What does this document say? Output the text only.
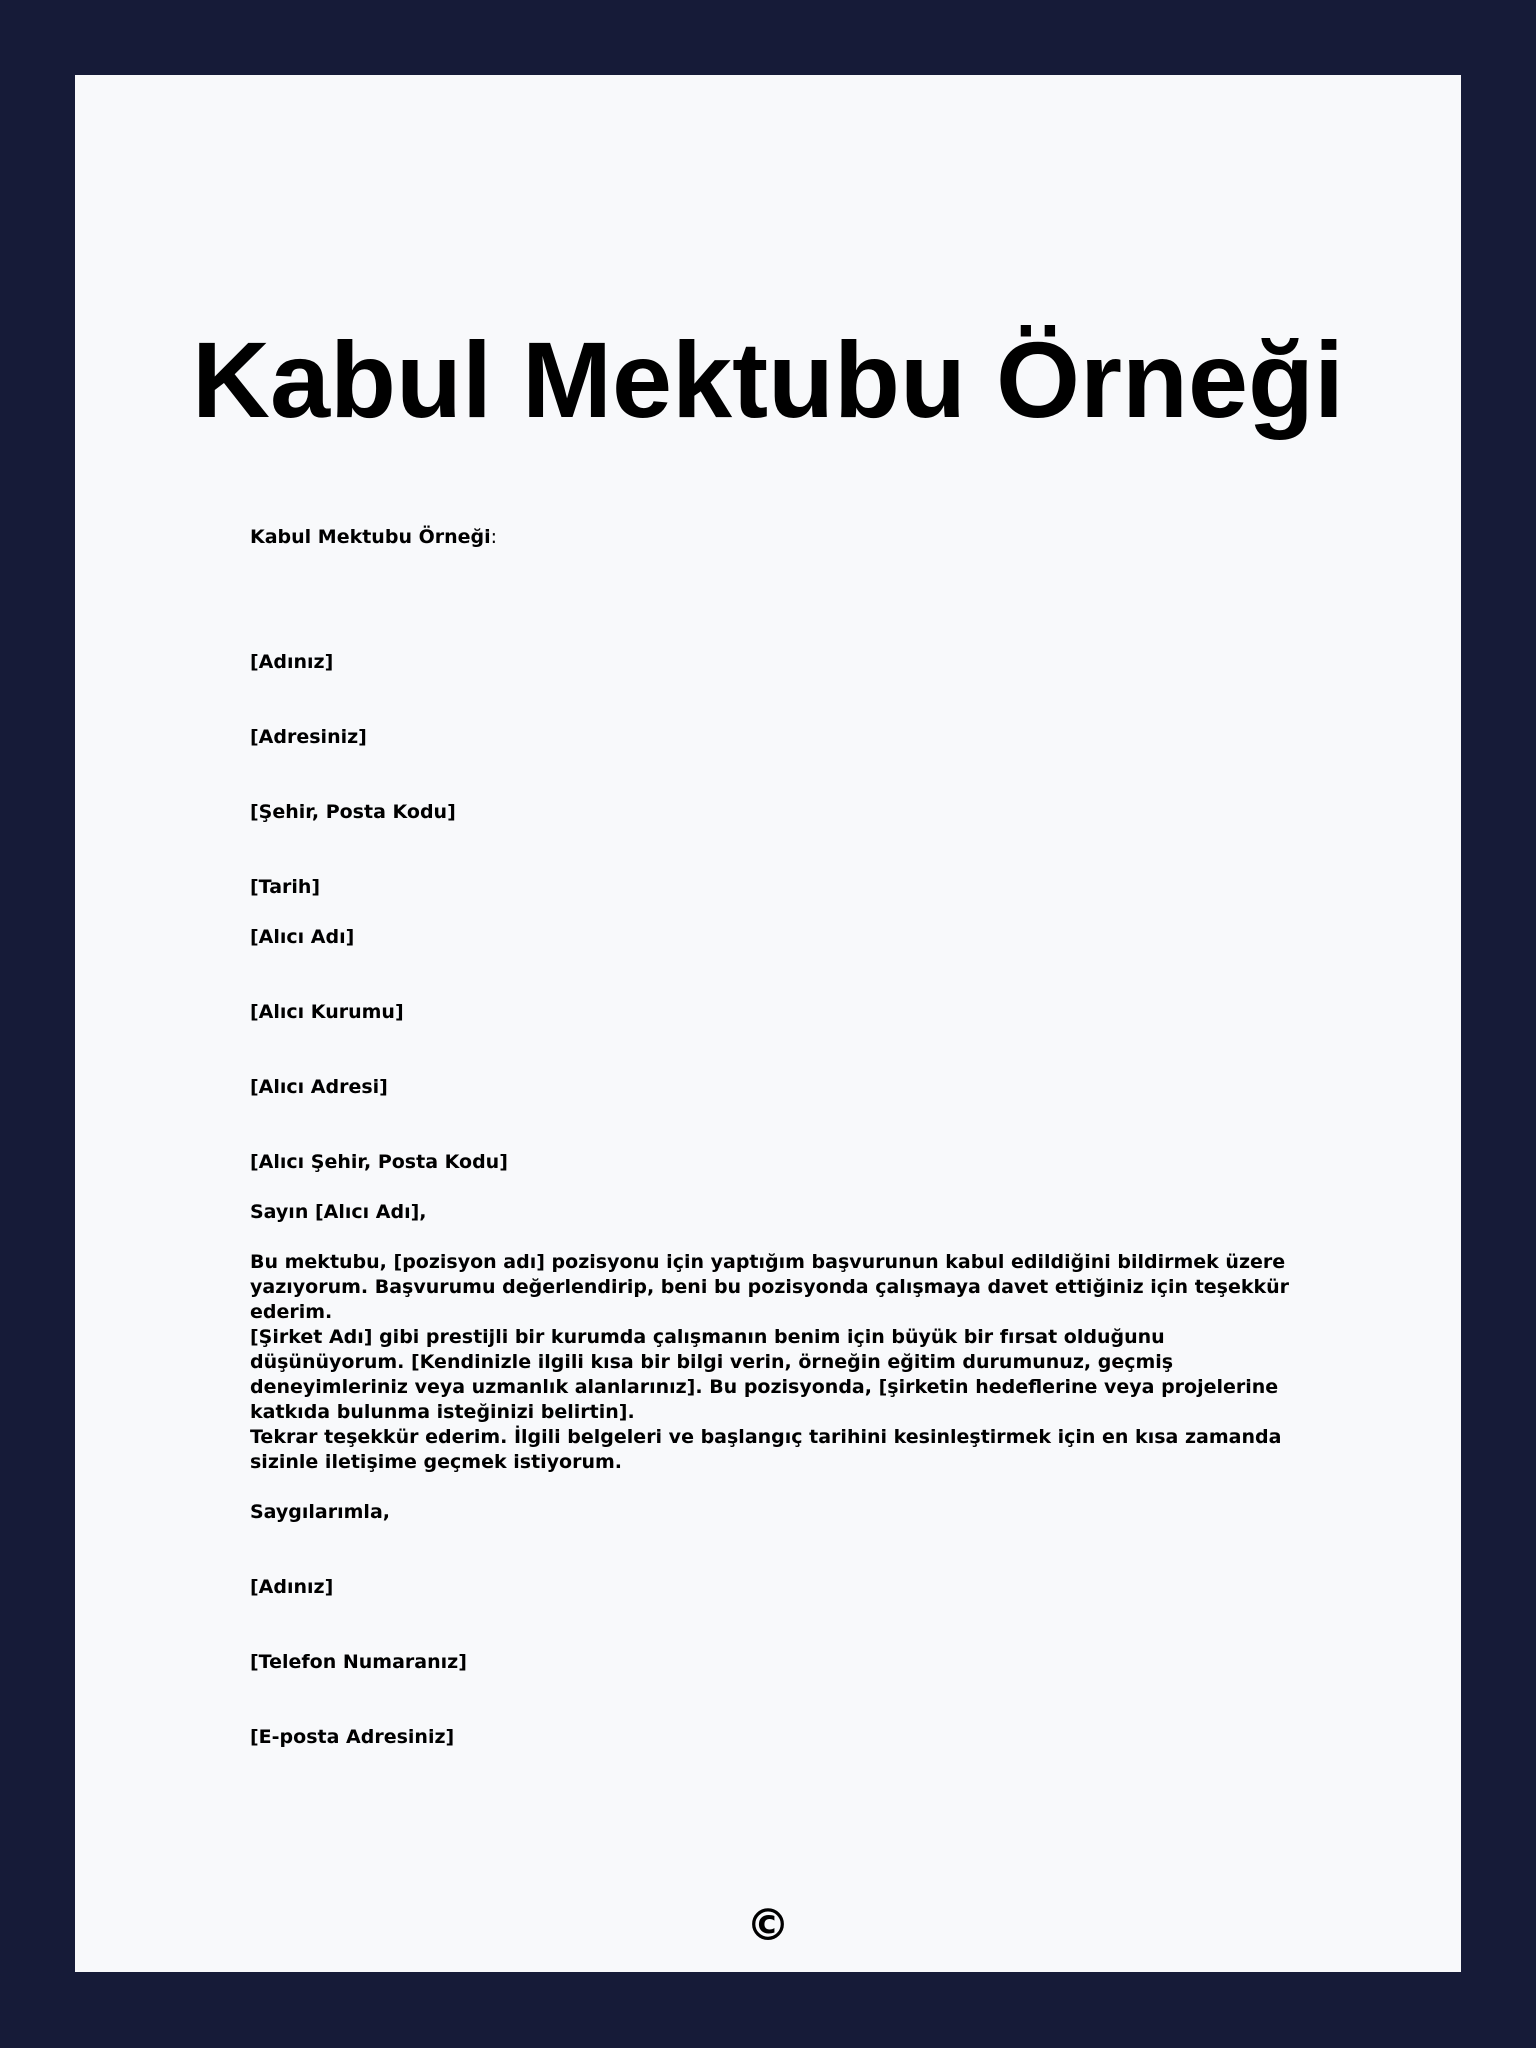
Kabul Mektubu Örneği
Kabul Mektubu Örneği:
[Adınız]
[Adresiniz]
[Şehir, Posta Kodu]
[Tarih]
[Alıcı Adı]
[Alıcı Kurumu]
[Alıcı Adresi]
[Alıcı Şehir, Posta Kodu]
Sayın [Alıcı Adı],
Bu mektubu, [pozisyon adı] pozisyonu için yaptığım başvurunun kabul edildiğini bildirmek üzere yazıyorum. Başvurumu değerlendirip, beni bu pozisyonda çalışmaya davet ettiğiniz için teşekkür ederim.
[Şirket Adı] gibi prestijli bir kurumda çalışmanın benim için büyük bir fırsat olduğunu düşünüyorum. [Kendinizle ilgili kısa bir bilgi verin, örneğin eğitim durumunuz, geçmiş deneyimleriniz veya uzmanlık alanlarınız]. Bu pozisyonda, [şirketin hedeflerine veya projelerine katkıda bulunma isteğinizi belirtin].
Tekrar teşekkür ederim. İlgili belgeleri ve başlangıç tarihini kesinleştirmek için en kısa zamanda sizinle iletişime geçmek istiyorum.
Saygılarımla,
[Adınız]
[Telefon Numaranız]
[E-posta Adresiniz]
©
